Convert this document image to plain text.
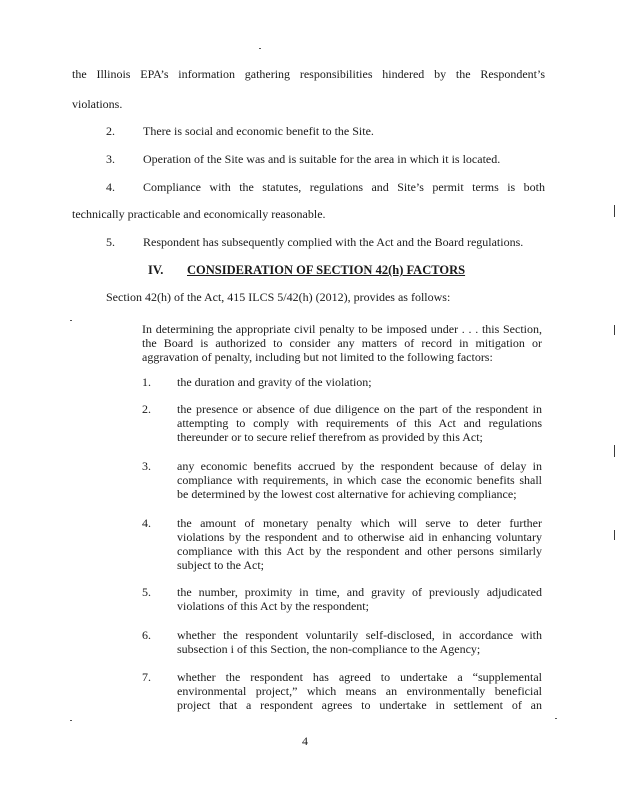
the Illinois EPA’s information gathering responsibilities hindered by the Respondent’s
violations.
2. There is social and economic benefit to the Site.
3. Operation of the Site was and is suitable for the area in which it is located.
4. Compliance with the statutes, regulations and Site’s permit terms is both
technically practicable and economically reasonable.
5. Respondent has subsequently complied with the Act and the Board regulations.
IV. CONSIDERATION OF SECTION 42(h) FACTORS
Section 42(h) of the Act, 415 ILCS 5/42(h) (2012), provides as follows:
In determining the appropriate civil penalty to be imposed under . . . this Section,
the Board is authorized to consider any matters of record in mitigation or
aggravation of penalty, including but not limited to the following factors:
1. the duration and gravity of the violation;
2. the presence or absence of due diligence on the part of the respondent in
attempting to comply with requirements of this Act and regulations
thereunder or to secure relief therefrom as provided by this Act;
3. any economic benefits accrued by the respondent because of delay in
compliance with requirements, in which case the economic benefits shall
be determined by the lowest cost alternative for achieving compliance;
4. the amount of monetary penalty which will serve to deter further
violations by the respondent and to otherwise aid in enhancing voluntary
compliance with this Act by the respondent and other persons similarly
subject to the Act;
5. the number, proximity in time, and gravity of previously adjudicated
violations of this Act by the respondent;
6. whether the respondent voluntarily self-disclosed, in accordance with
subsection i of this Section, the non-compliance to the Agency;
7. whether the respondent has agreed to undertake a “supplemental
environmental project,” which means an environmentally beneficial
project that a respondent agrees to undertake in settlement of an
4
